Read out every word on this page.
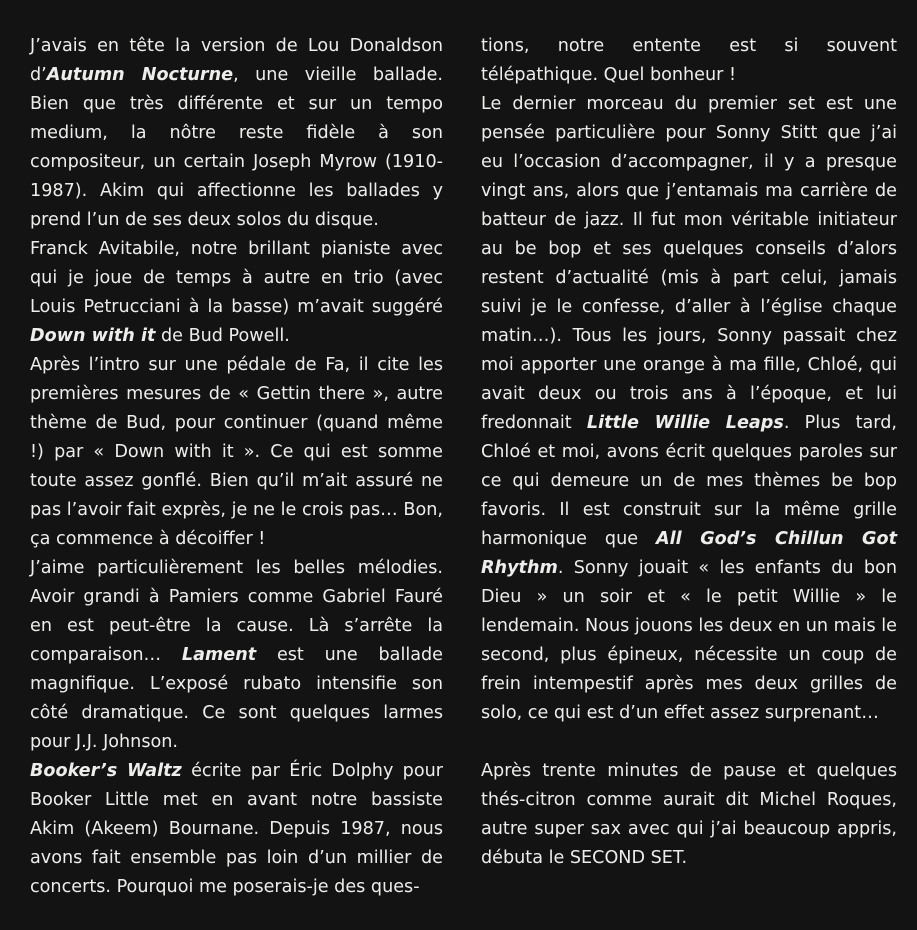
J’avais en tête la version de Lou Donaldson d’Autumn Nocturne, une vieille ballade. Bien que très différente et sur un tempo medium, la nôtre reste fidèle à son compositeur, un certain Joseph Myrow (1910-1987). Akim qui affectionne les ballades y prend l’un de ses deux solos du disque.
Franck Avitabile, notre brillant pianiste avec qui je joue de temps à autre en trio (avec Louis Petrucciani à la basse) m’avait suggéré Down with it de Bud Powell.
Après l’intro sur une pédale de Fa, il cite les premières mesures de « Gettin there », autre thème de Bud, pour continuer (quand même !) par « Down with it ». Ce qui est somme toute assez gonflé. Bien qu’il m’ait assuré ne pas l’avoir fait exprès, je ne le crois pas… Bon, ça commence à décoiffer !
J’aime particulièrement les belles mélodies. Avoir grandi à Pamiers comme Gabriel Fauré en est peut-être la cause. Là s’arrête la comparaison… Lament est une ballade magnifique. L’exposé rubato intensifie son côté dramatique. Ce sont quelques larmes pour J.J. Johnson.
Booker’s Waltz écrite par Éric Dolphy pour Booker Little met en avant notre bassiste Akim (Akeem) Bournane. Depuis 1987, nous avons fait ensemble pas loin d’un millier de concerts. Pourquoi me poserais-je des ques-
tions, notre entente est si souvent télépathique. Quel bonheur !
Le dernier morceau du premier set est une pensée particulière pour Sonny Stitt que j’ai eu l’occasion d’accompagner, il y a presque vingt ans, alors que j’entamais ma carrière de batteur de jazz. Il fut mon véritable initiateur au be bop et ses quelques conseils d’alors restent d’actualité (mis à part celui, jamais suivi je le confesse, d’aller à l’église chaque matin…). Tous les jours, Sonny passait chez moi apporter une orange à ma fille, Chloé, qui avait deux ou trois ans à l’époque, et lui fredonnait Little Willie Leaps. Plus tard, Chloé et moi, avons écrit quelques paroles sur ce qui demeure un de mes thèmes be bop favoris. Il est construit sur la même grille harmonique que All God’s Chillun Got Rhythm. Sonny jouait « les enfants du bon Dieu » un soir et « le petit Willie » le lendemain. Nous jouons les deux en un mais le second, plus épineux, nécessite un coup de frein intempestif après mes deux grilles de solo, ce qui est d’un effet assez surprenant…
Après trente minutes de pause et quelques thés-citron comme aurait dit Michel Roques, autre super sax avec qui j’ai beaucoup appris, débuta le SECOND SET.
